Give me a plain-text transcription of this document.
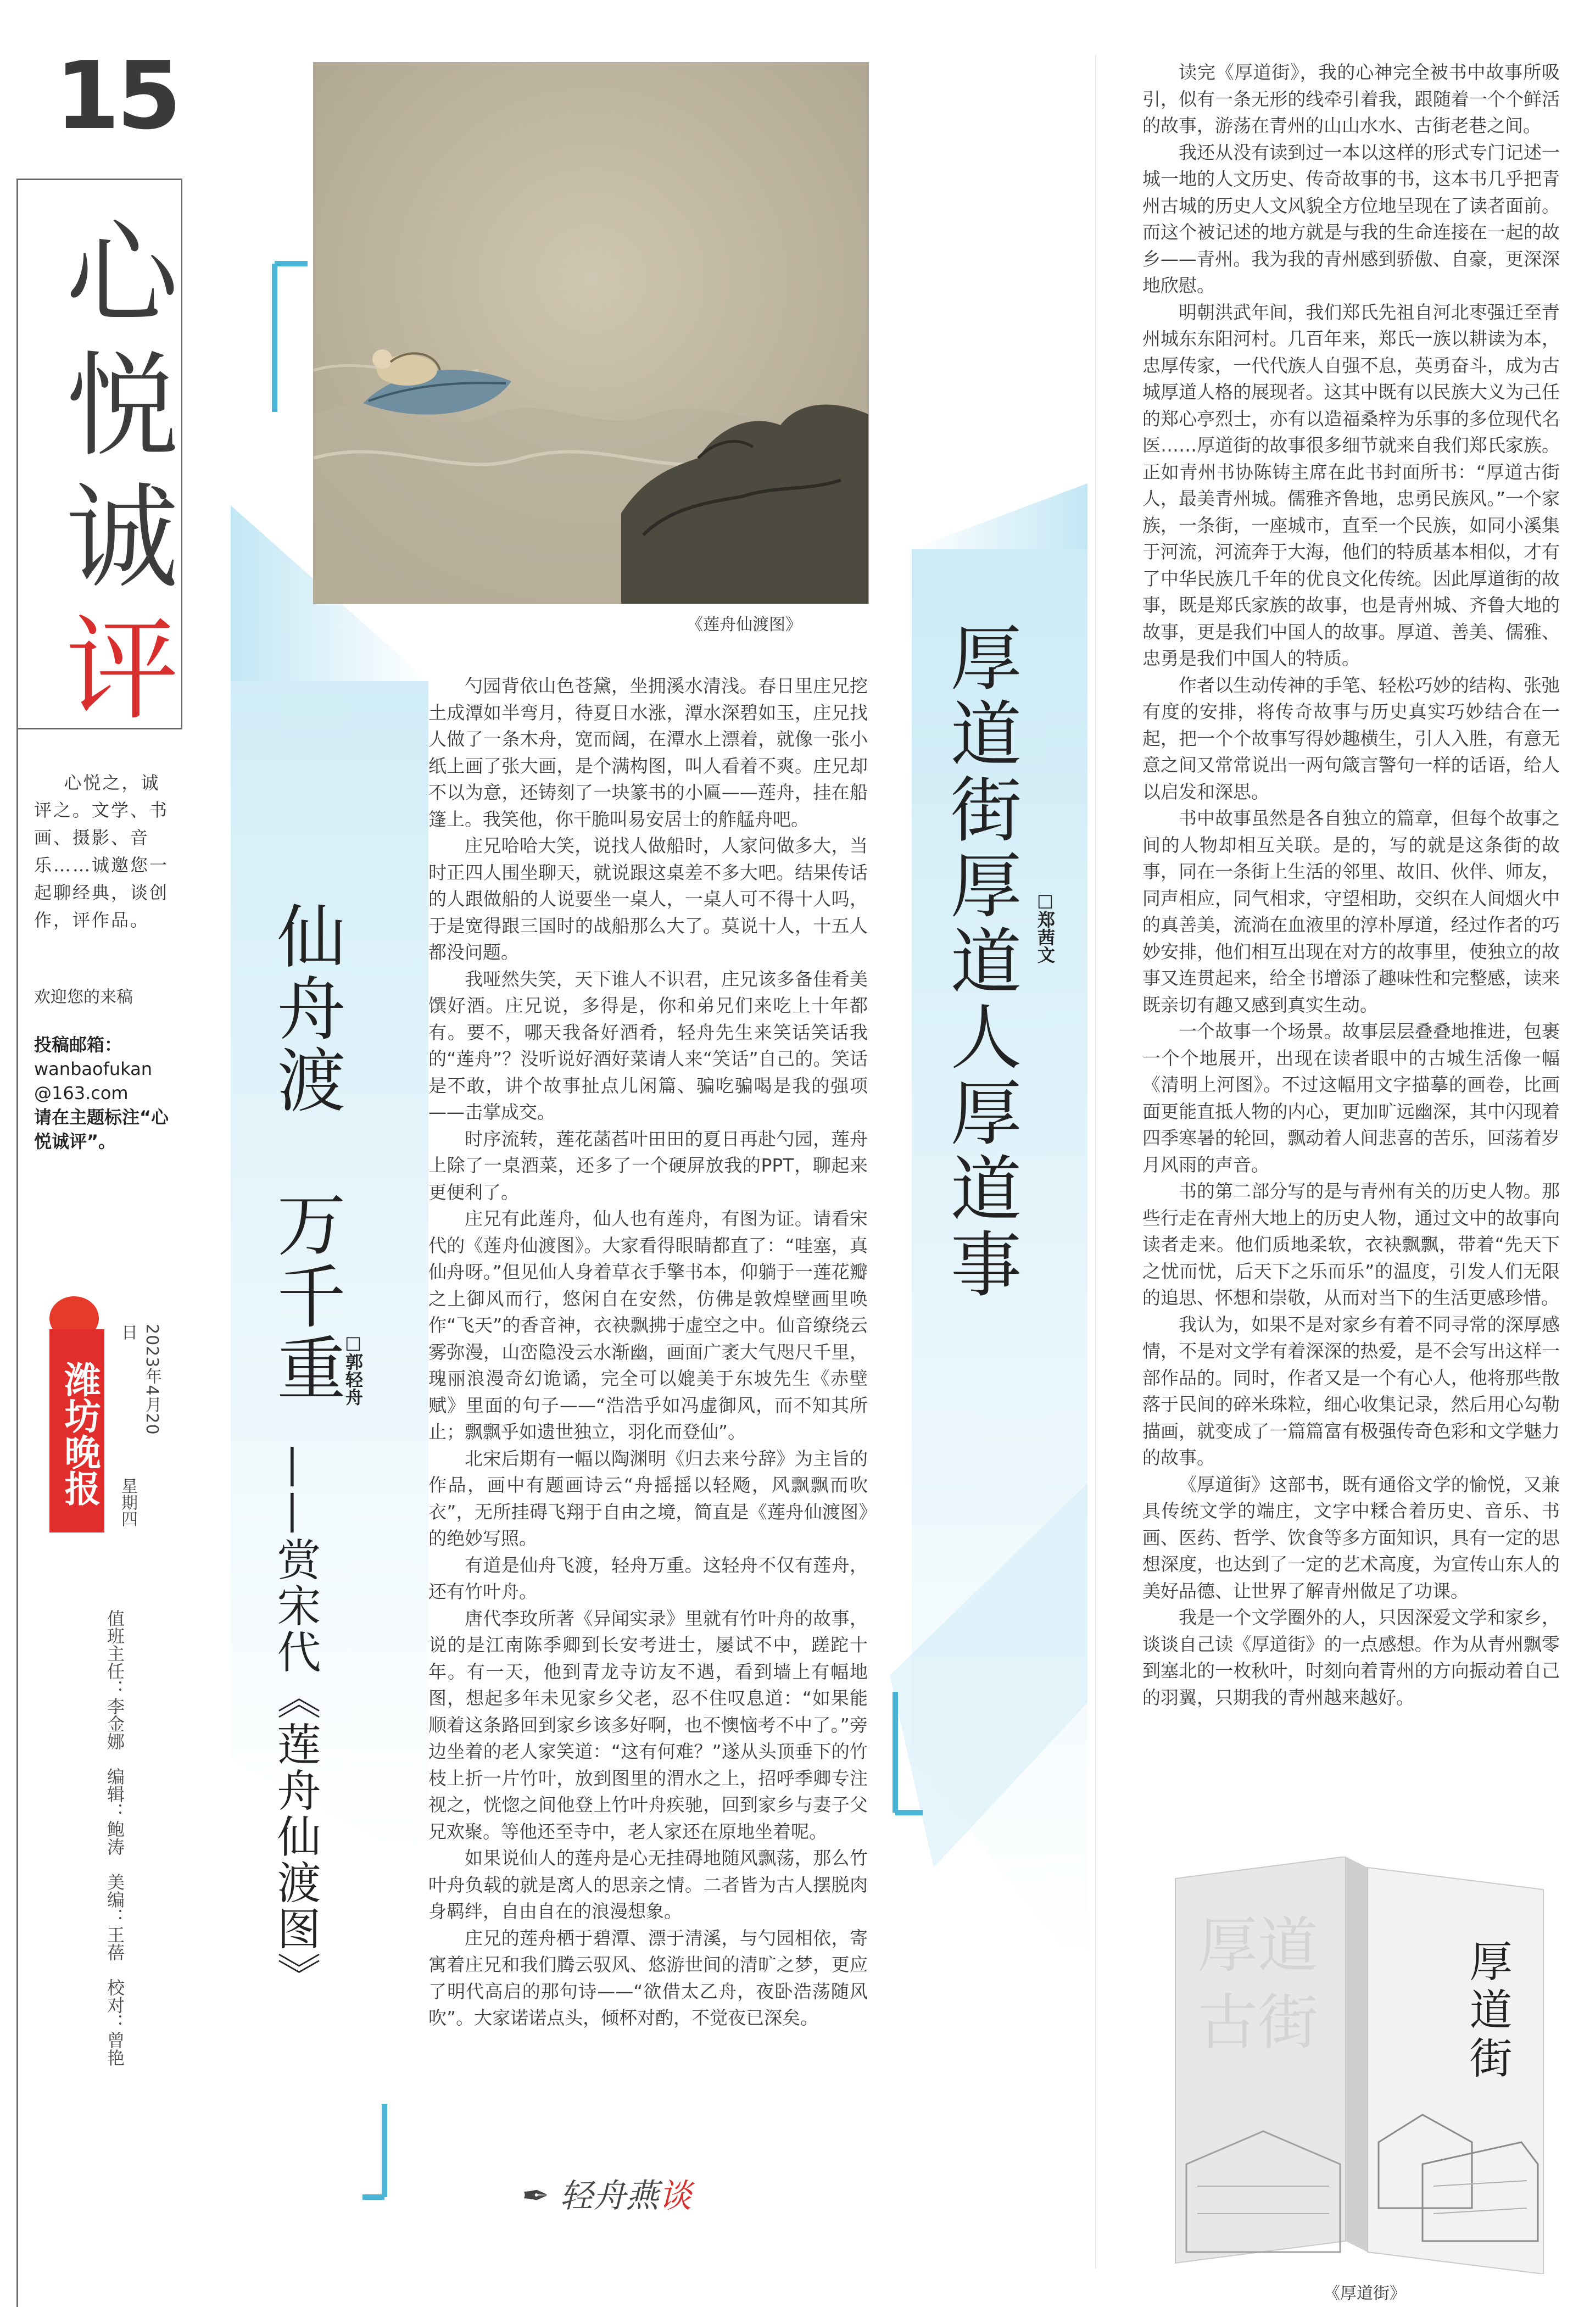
15
心
悦
诚
评
心悦之，诚评之。文学、书画、摄影、音乐……诚邀您一起聊经典，谈创作，评作品。
欢迎您的来稿
投稿邮箱：
wanbaofukan
@163.com
请在主题标注“心悦诚评”。
潍坊晚报	2023年4月20日
星期四
值班主任：李金娜　编辑：鲍涛　美编：王蓓　校对：曾艳
《莲舟仙渡图》
仙舟渡　万千重
——赏宋代《莲舟仙渡图》
□郭轻舟

勺园背依山色苍黛，坐拥溪水清浅。春日里庄兄挖土成潭如半弯月，待夏日水涨，潭水深碧如玉，庄兄找人做了一条木舟，宽而阔，在潭水上漂着，就像一张小纸上画了张大画，是个满构图，叫人看着不爽。庄兄却不以为意，还铸刻了一块篆书的小匾——莲舟，挂在船篷上。我笑他，你干脆叫易安居士的舴艋舟吧。

庄兄哈哈大笑，说找人做船时，人家问做多大，当时正四人围坐聊天，就说跟这桌差不多大吧。结果传话的人跟做船的人说要坐一桌人，一桌人可不得十人吗，于是宽得跟三国时的战船那么大了。莫说十人，十五人都没问题。

我哑然失笑，天下谁人不识君，庄兄该多备佳肴美馔好酒。庄兄说，多得是，你和弟兄们来吃上十年都有。要不，哪天我备好酒肴，轻舟先生来笑话笑话我的“莲舟”？没听说好酒好菜请人来“笑话”自己的。笑话是不敢，讲个故事扯点儿闲篇、骗吃骗喝是我的强项——击掌成交。

时序流转，莲花菡萏叶田田的夏日再赴勺园，莲舟上除了一桌酒菜，还多了一个硬屏放我的PPT，聊起来更便利了。

庄兄有此莲舟，仙人也有莲舟，有图为证。请看宋代的《莲舟仙渡图》。大家看得眼睛都直了：“哇塞，真仙舟呀。”但见仙人身着草衣手擎书本，仰躺于一莲花瓣之上御风而行，悠闲自在安然，仿佛是敦煌壁画里唤作“飞天”的香音神，衣袂飘拂于虚空之中。仙音缭绕云雾弥漫，山峦隐没云水渐幽，画面广袤大气咫尺千里，瑰丽浪漫奇幻诡谲，完全可以媲美于东坡先生《赤壁赋》里面的句子——“浩浩乎如冯虚御风，而不知其所止；飘飘乎如遗世独立，羽化而登仙”。

北宋后期有一幅以陶渊明《归去来兮辞》为主旨的作品，画中有题画诗云“舟摇摇以轻飏，风飘飘而吹衣”，无所挂碍飞翔于自由之境，简直是《莲舟仙渡图》的绝妙写照。

有道是仙舟飞渡，轻舟万重。这轻舟不仅有莲舟，还有竹叶舟。

唐代李玫所著《异闻实录》里就有竹叶舟的故事，说的是江南陈季卿到长安考进士，屡试不中，蹉跎十年。有一天，他到青龙寺访友不遇，看到墙上有幅地图，想起多年未见家乡父老，忍不住叹息道：“如果能顺着这条路回到家乡该多好啊，也不懊恼考不中了。”旁边坐着的老人家笑道：“这有何难？”遂从头顶垂下的竹枝上折一片竹叶，放到图里的渭水之上，招呼季卿专注视之，恍惚之间他登上竹叶舟疾驰，回到家乡与妻子父兄欢聚。等他还至寺中，老人家还在原地坐着呢。

如果说仙人的莲舟是心无挂碍地随风飘荡，那么竹叶舟负载的就是离人的思亲之情。二者皆为古人摆脱肉身羁绊，自由自在的浪漫想象。

庄兄的莲舟栖于碧潭、漂于清溪，与勺园相依，寄寓着庄兄和我们腾云驭风、悠游世间的清旷之梦，更应了明代高启的那句诗——“欲借太乙舟，夜卧浩荡随风吹”。大家诺诺点头，倾杯对酌，不觉夜已深矣。

✒ 轻舟燕谈
厚道街厚道人厚道事 □郑茜文

读完《厚道街》，我的心神完全被书中故事所吸引，似有一条无形的线牵引着我，跟随着一个个鲜活的故事，游荡在青州的山山水水、古街老巷之间。

我还从没有读到过一本以这样的形式专门记述一城一地的人文历史、传奇故事的书，这本书几乎把青州古城的历史人文风貌全方位地呈现在了读者面前。而这个被记述的地方就是与我的生命连接在一起的故乡——青州。我为我的青州感到骄傲、自豪，更深深地欣慰。

明朝洪武年间，我们郑氏先祖自河北枣强迁至青州城东东阳河村。几百年来，郑氏一族以耕读为本，忠厚传家，一代代族人自强不息，英勇奋斗，成为古城厚道人格的展现者。这其中既有以民族大义为己任的郑心亭烈士，亦有以造福桑梓为乐事的多位现代名医……厚道街的故事很多细节就来自我们郑氏家族。正如青州书协陈铸主席在此书封面所书：“厚道古街人，最美青州城。儒雅齐鲁地，忠勇民族风。”一个家族，一条街，一座城市，直至一个民族，如同小溪集于河流，河流奔于大海，他们的特质基本相似，才有了中华民族几千年的优良文化传统。因此厚道街的故事，既是郑氏家族的故事，也是青州城、齐鲁大地的故事，更是我们中国人的故事。厚道、善美、儒雅、忠勇是我们中国人的特质。

作者以生动传神的手笔、轻松巧妙的结构、张弛有度的安排，将传奇故事与历史真实巧妙结合在一起，把一个个故事写得妙趣横生，引人入胜，有意无意之间又常常说出一两句箴言警句一样的话语，给人以启发和深思。

书中故事虽然是各自独立的篇章，但每个故事之间的人物却相互关联。是的，写的就是这条街的故事，同在一条街上生活的邻里、故旧、伙伴、师友，同声相应，同气相求，守望相助，交织在人间烟火中的真善美，流淌在血液里的淳朴厚道，经过作者的巧妙安排，他们相互出现在对方的故事里，使独立的故事又连贯起来，给全书增添了趣味性和完整感，读来既亲切有趣又感到真实生动。

一个故事一个场景。故事层层叠叠地推进，包裹一个个地展开，出现在读者眼中的古城生活像一幅《清明上河图》。不过这幅用文字描摹的画卷，比画面更能直抵人物的内心，更加旷远幽深，其中闪现着四季寒暑的轮回，飘动着人间悲喜的苦乐，回荡着岁月风雨的声音。

书的第二部分写的是与青州有关的历史人物。那些行走在青州大地上的历史人物，通过文中的故事向读者走来。他们质地柔软，衣袂飘飘，带着“先天下之忧而忧，后天下之乐而乐”的温度，引发人们无限的追思、怀想和崇敬，从而对当下的生活更感珍惜。

我认为，如果不是对家乡有着不同寻常的深厚感情，不是对文学有着深深的热爱，是不会写出这样一部作品的。同时，作者又是一个有心人，他将那些散落于民间的碎米珠粒，细心收集记录，然后用心勾勒描画，就变成了一篇篇富有极强传奇色彩和文学魅力的故事。

《厚道街》这部书，既有通俗文学的愉悦，又兼具传统文学的端庄，文字中糅合着历史、音乐、书画、医药、哲学、饮食等多方面知识，具有一定的思想深度，也达到了一定的艺术高度，为宣传山东人的美好品德、让世界了解青州做足了功课。

我是一个文学圈外的人，只因深爱文学和家乡，谈谈自己读《厚道街》的一点感想。作为从青州飘零到塞北的一枚秋叶，时刻向着青州的方向振动着自己的羽翼，只期我的青州越来越好。

厚道
古街	厚道街
《厚道街》
